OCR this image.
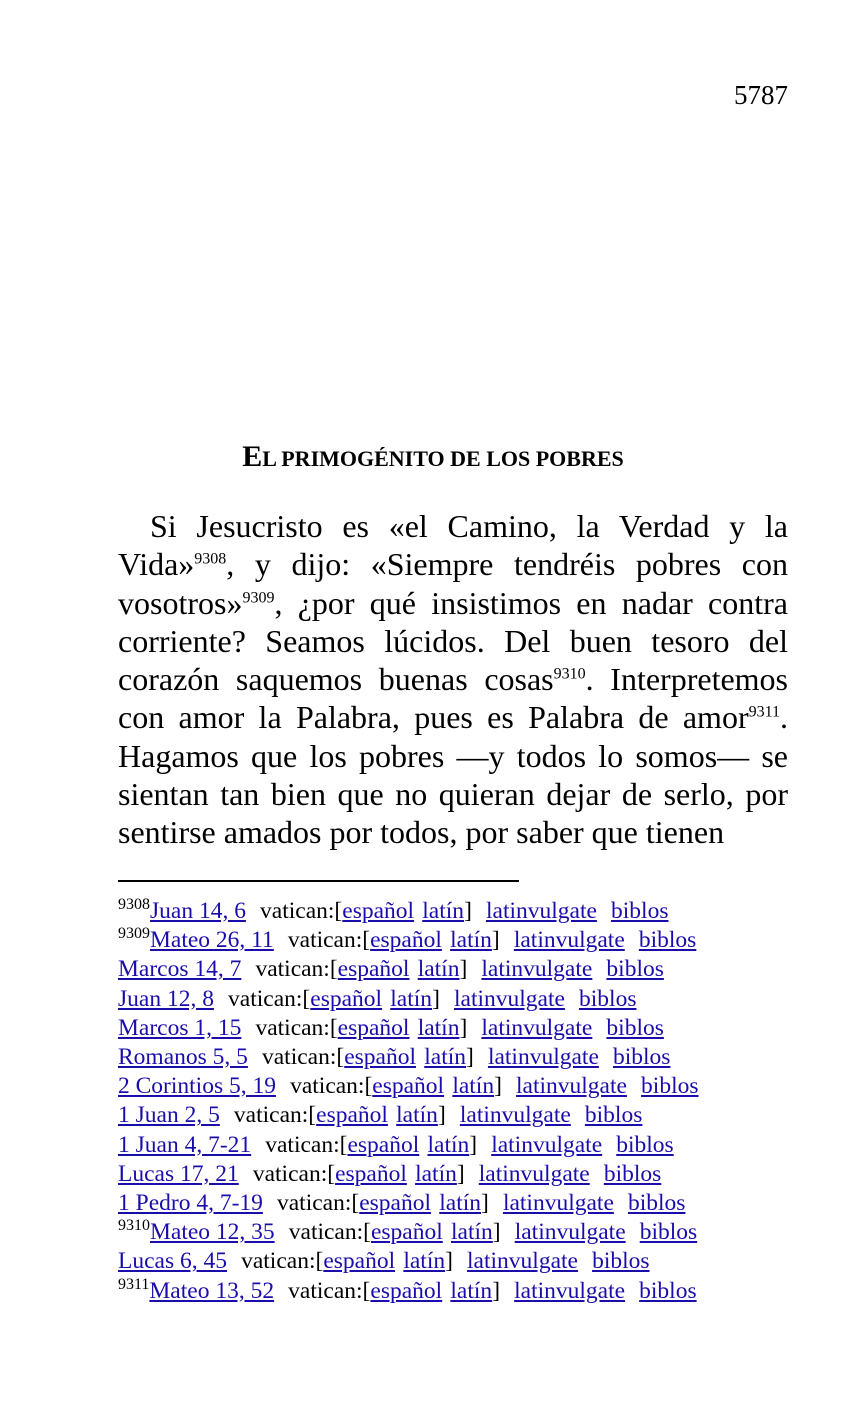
5787
EL PRIMOGÉNITO DE LOS POBRES

Si Jesucristo es «el Camino, la Verdad y la Vida»$^{9308}$, y dijo: «Siempre tendréis pobres con vosotros»$^{9309}$, ¿por qué insistimos en nadar contra corriente? Seamos lúcidos. Del buen tesoro del corazón saquemos buenas cosas$^{9310}$. Interpretemos con amor la Palabra, pues es Palabra de amor$^{9311}$. Hagamos que los pobres —y todos lo somos— se sientan tan bien que no quieran dejar de serlo, por sentirse amados por todos, por saber que tienen

$^{9308}$Juan 14, 6 vatican:[español latín] latinvulgate biblos
$^{9309}$Mateo 26, 11 vatican:[español latín] latinvulgate biblos
Marcos 14, 7 vatican:[español latín] latinvulgate biblos
Juan 12, 8 vatican:[español latín] latinvulgate biblos
Marcos 1, 15 vatican:[español latín] latinvulgate biblos
Romanos 5, 5 vatican:[español latín] latinvulgate biblos
2 Corintios 5, 19 vatican:[español latín] latinvulgate biblos
1 Juan 2, 5 vatican:[español latín] latinvulgate biblos
1 Juan 4, 7-21 vatican:[español latín] latinvulgate biblos
Lucas 17, 21 vatican:[español latín] latinvulgate biblos
1 Pedro 4, 7-19 vatican:[español latín] latinvulgate biblos
$^{9310}$Mateo 12, 35 vatican:[español latín] latinvulgate biblos
Lucas 6, 45 vatican:[español latín] latinvulgate biblos
$^{9311}$Mateo 13, 52 vatican:[español latín] latinvulgate biblos
